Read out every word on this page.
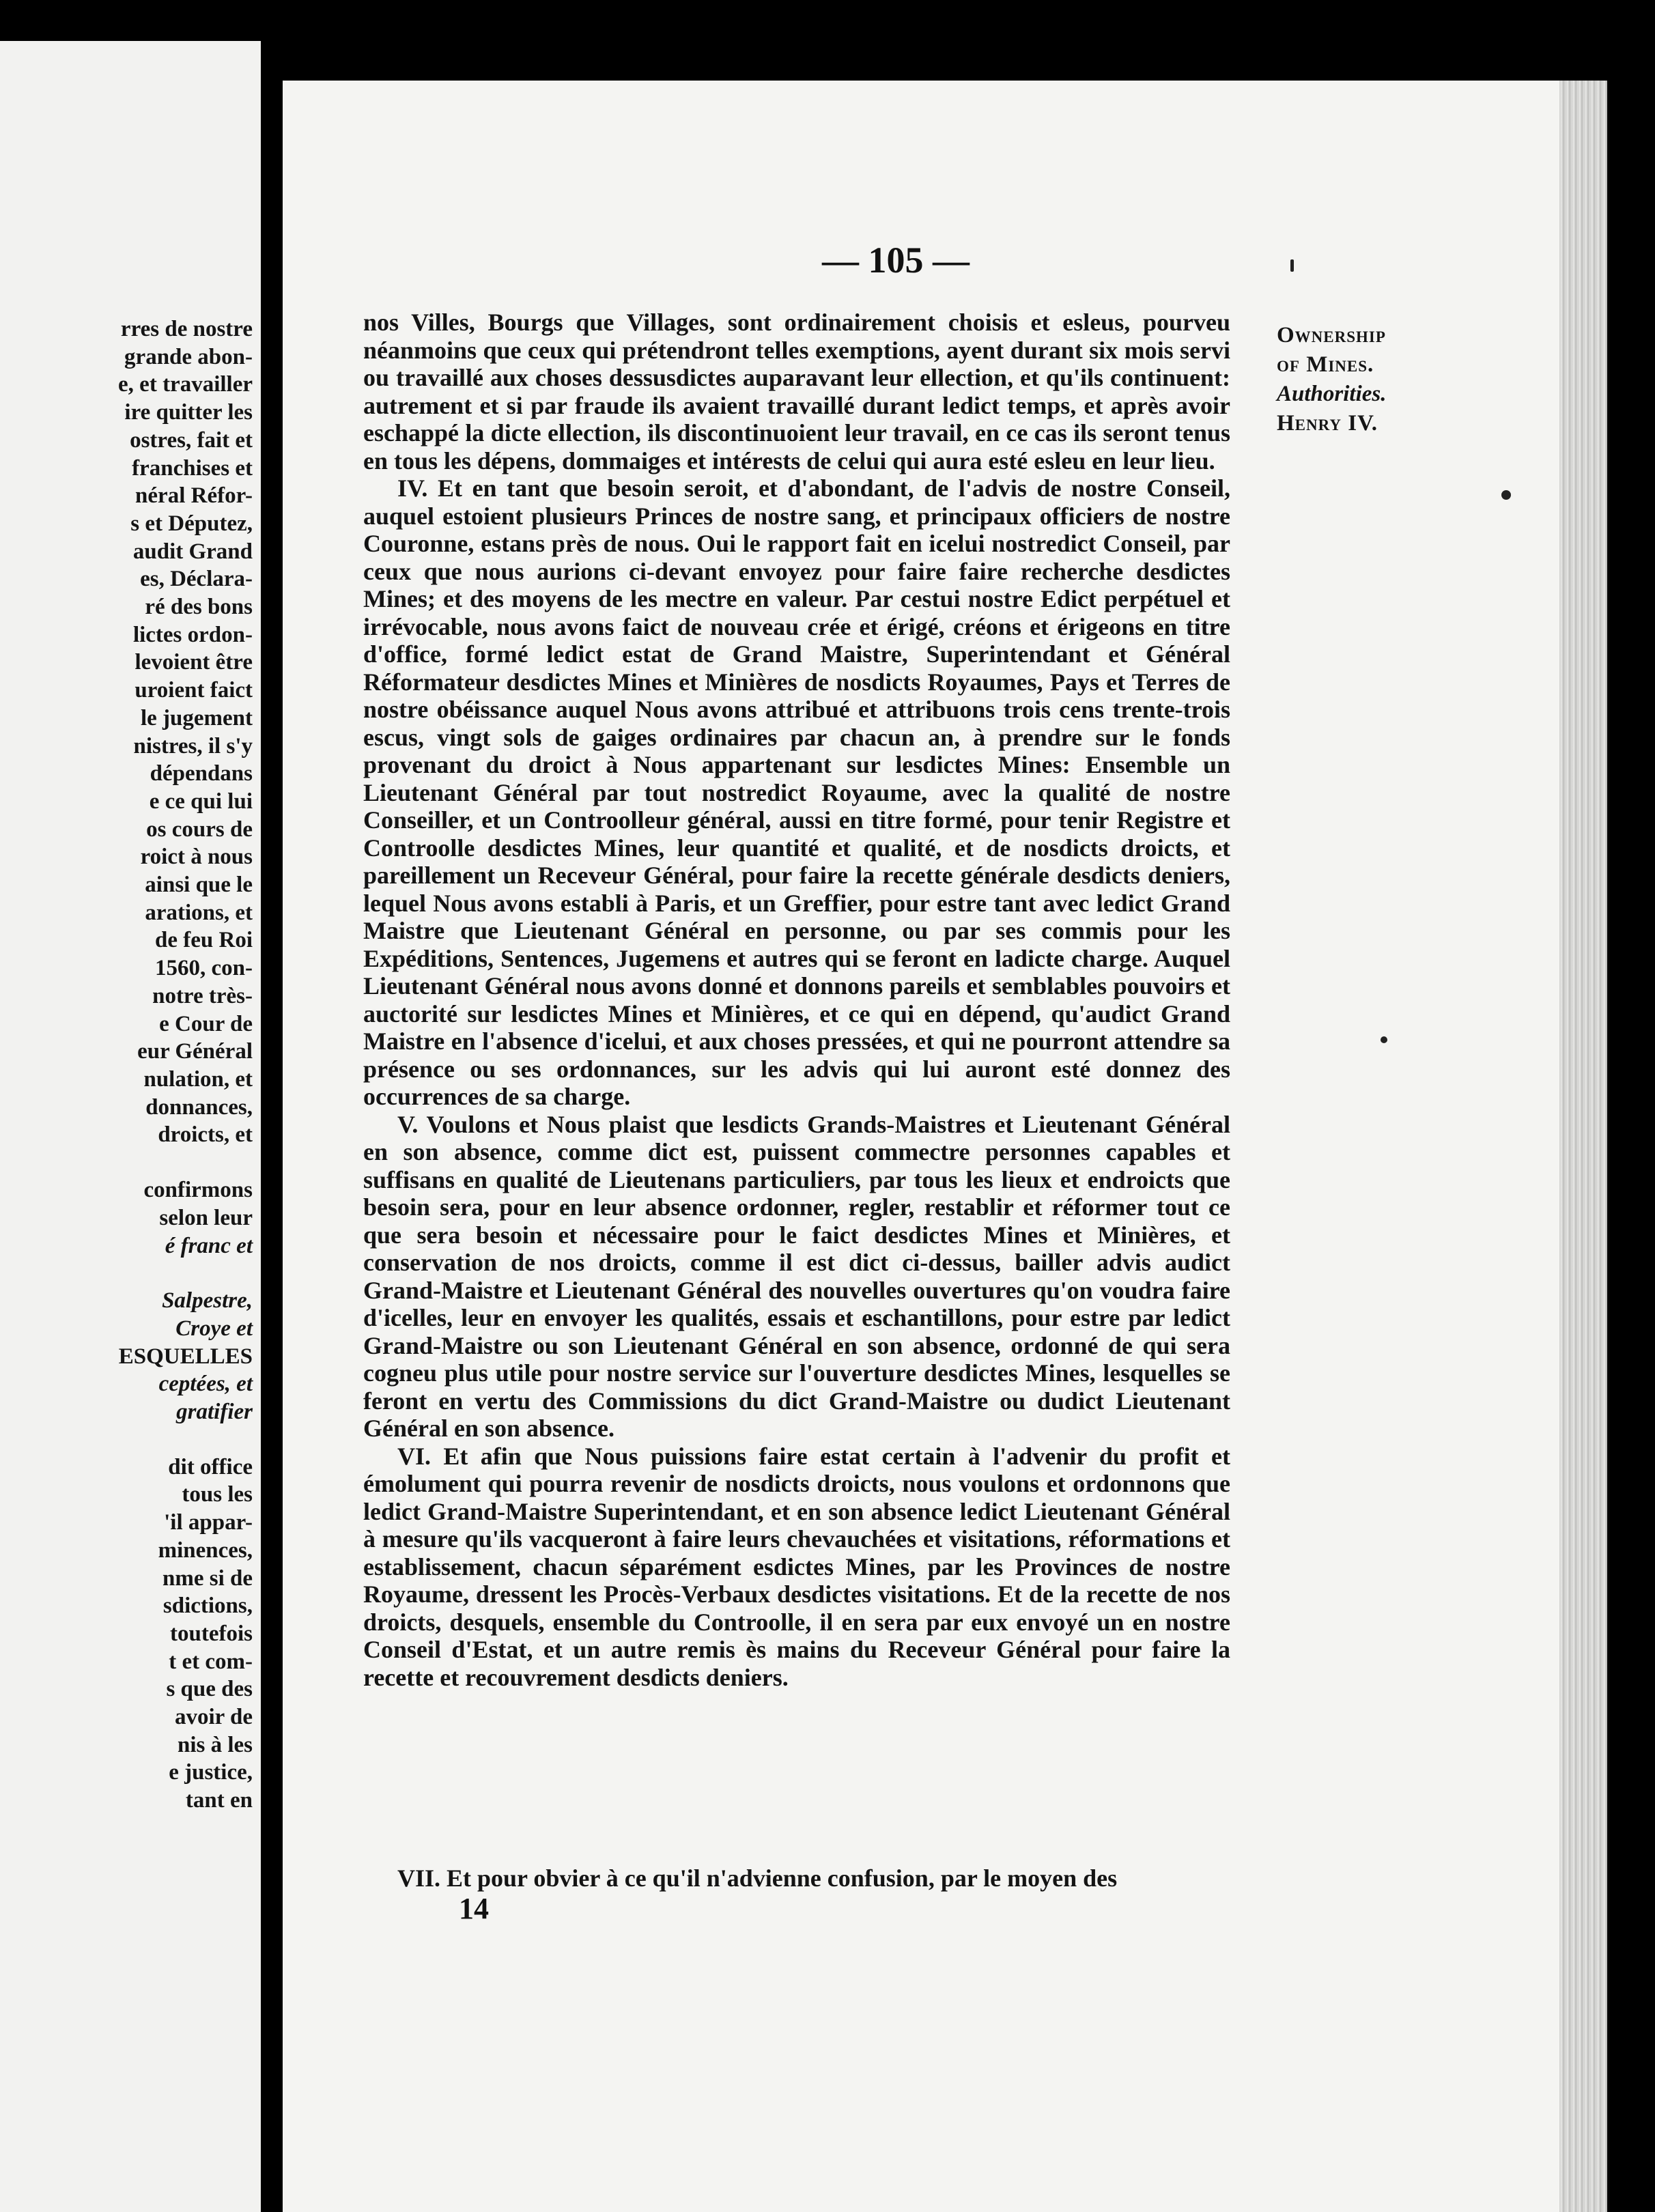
rres de nostre
grande abon-
e, et travailler
ire quitter les
ostres, fait et
franchises et
néral Réfor-
s et Députez,
audit Grand
es, Déclara-
ré des bons
lictes ordon-
levoient être
uroient faict
le jugement
nistres, il s'y
dépendans
e ce qui lui
os cours de
roict à nous
ainsi que le
arations, et
de feu Roi
1560, con-
notre très-
e Cour de
eur Général
nulation, et
donnances,
droicts, et
confirmons
selon leur
é franc et
Salpestre,
Croye et
ESQUELLES
ceptées, et
gratifier
dit office
tous les
'il appar-
minences,
nme si de
sdictions,
toutefois
t et com-
s que des
avoir de
nis à les
e justice,
tant en
— 105 —

nos Villes, Bourgs que Villages, sont ordinairement choisis et esleus, pourveu néanmoins que ceux qui prétendront telles exemptions, ayent durant six mois servi ou travaillé aux choses dessusdictes auparavant leur ellection, et qu'ils continuent: autrement et si par fraude ils avaient travaillé durant ledict temps, et après avoir eschappé la dicte ellection, ils discontinuoient leur travail, en ce cas ils seront tenus en tous les dépens, dommaiges et intérests de celui qui aura esté esleu en leur lieu.

IV. Et en tant que besoin seroit, et d'abondant, de l'advis de nostre Conseil, auquel estoient plusieurs Princes de nostre sang, et principaux officiers de nostre Couronne, estans près de nous. Oui le rapport fait en icelui nostredict Conseil, par ceux que nous aurions ci-devant envoyez pour faire faire recherche desdictes Mines; et des moyens de les mectre en valeur. Par cestui nostre Edict perpétuel et irrévocable, nous avons faict de nouveau crée et érigé, créons et érigeons en titre d'office, formé ledict estat de Grand Maistre, Superintendant et Général Réformateur desdictes Mines et Minières de nosdicts Royaumes, Pays et Terres de nostre obéissance auquel Nous avons attribué et attribuons trois cens trente-trois escus, vingt sols de gaiges ordinaires par chacun an, à prendre sur le fonds provenant du droict à Nous appartenant sur lesdictes Mines: Ensemble un Lieutenant Général par tout nostredict Royaume, avec la qualité de nostre Conseiller, et un Controolleur général, aussi en titre formé, pour tenir Registre et Controolle desdictes Mines, leur quantité et qualité, et de nosdicts droicts, et pareillement un Receveur Général, pour faire la recette générale desdicts deniers, lequel Nous avons establi à Paris, et un Greffier, pour estre tant avec ledict Grand Maistre que Lieutenant Général en personne, ou par ses commis pour les Expéditions, Sentences, Jugemens et autres qui se feront en ladicte charge. Auquel Lieutenant Général nous avons donné et donnons pareils et semblables pouvoirs et auctorité sur lesdictes Mines et Minières, et ce qui en dépend, qu'audict Grand Maistre en l'absence d'icelui, et aux choses pressées, et qui ne pourront attendre sa présence ou ses ordonnances, sur les advis qui lui auront esté donnez des occurrences de sa charge.

V. Voulons et Nous plaist que lesdicts Grands-Maistres et Lieutenant Général en son absence, comme dict est, puissent commectre personnes capables et suffisans en qualité de Lieutenans particuliers, par tous les lieux et endroicts que besoin sera, pour en leur absence ordonner, regler, restablir et réformer tout ce que sera besoin et nécessaire pour le faict desdictes Mines et Minières, et conservation de nos droicts, comme il est dict ci-dessus, bailler advis audict Grand-Maistre et Lieutenant Général des nouvelles ouvertures qu'on voudra faire d'icelles, leur en envoyer les qualités, essais et eschantillons, pour estre par ledict Grand-Maistre ou son Lieutenant Général en son absence, ordonné de qui sera cogneu plus utile pour nostre service sur l'ouverture desdictes Mines, lesquelles se feront en vertu des Commissions du dict Grand-Maistre ou dudict Lieutenant Général en son absence.

VI. Et afin que Nous puissions faire estat certain à l'advenir du profit et émolument qui pourra revenir de nosdicts droicts, nous voulons et ordonnons que ledict Grand-Maistre Superintendant, et en son absence ledict Lieutenant Général à mesure qu'ils vacqueront à faire leurs chevauchées et visitations, réformations et establissement, chacun séparément esdictes Mines, par les Provinces de nostre Royaume, dressent les Procès-Verbaux desdictes visitations. Et de la recette de nos droicts, desquels, ensemble du Controolle, il en sera par eux envoyé un en nostre Conseil d'Estat, et un autre remis ès mains du Receveur Général pour faire la recette et recouvrement desdicts deniers.

VII. Et pour obvier à ce qu'il n'advienne confusion, par le moyen des
14
Ownership
of Mines.
Authorities.
Henry IV.
